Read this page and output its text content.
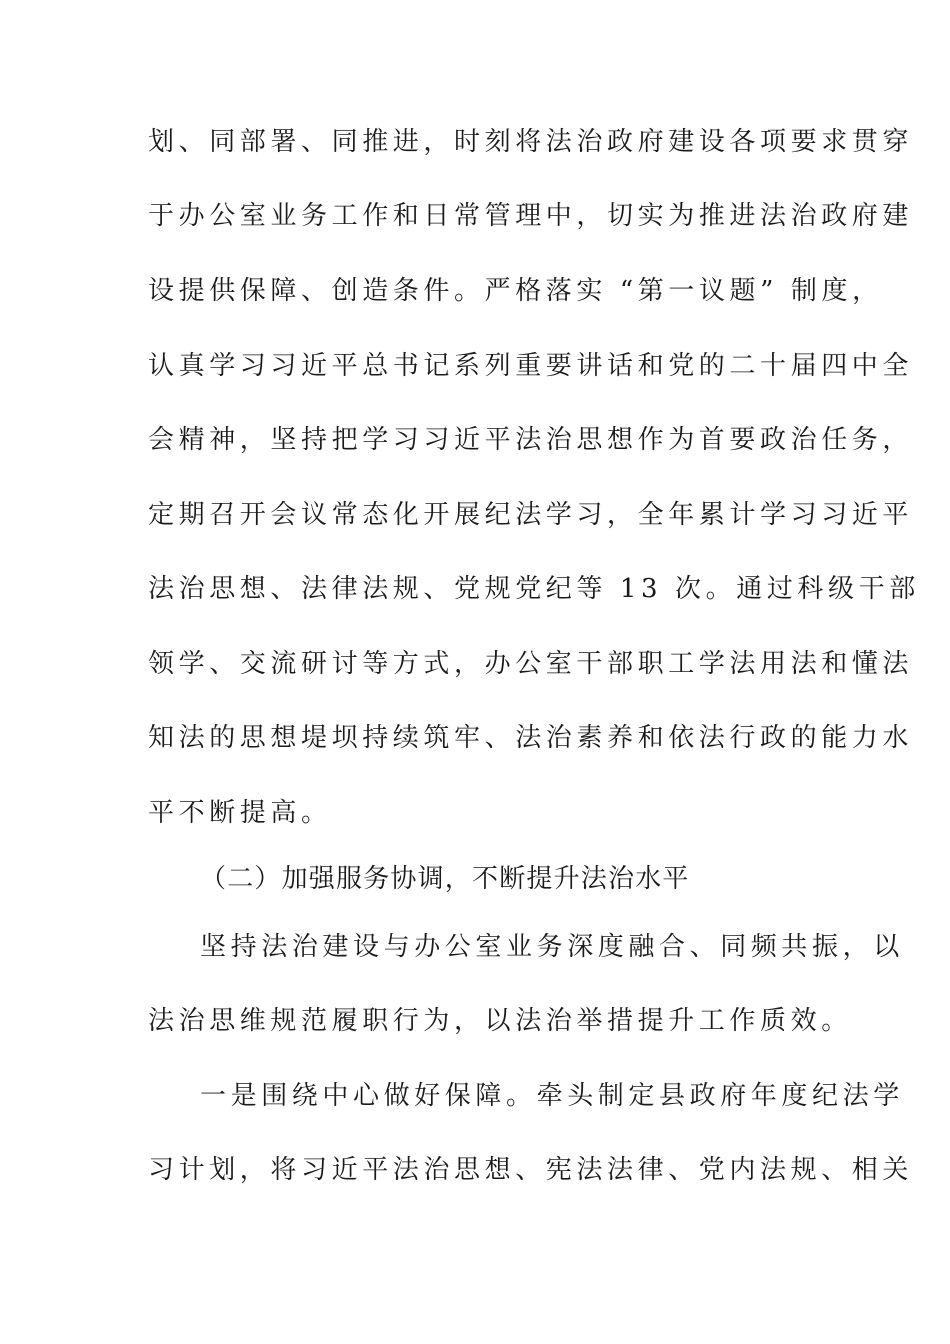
划、同部署、同推进，时刻将法治政府建设各项要求贯穿
于办公室业务工作和日常管理中，切实为推进法治政府建
设提供保障、创造条件。严格落实 “第一议题” 制度，
认真学习习近平总书记系列重要讲话和党的二十届四中全
会精神，坚持把学习习近平法治思想作为首要政治任务，
定期召开会议常态化开展纪法学习，全年累计学习习近平
法治思想、法律法规、党规党纪等 13 次。通过科级干部
领学、交流研讨等方式，办公室干部职工学法用法和懂法
知法的思想堤坝持续筑牢、法治素养和依法行政的能力水
平不断提高。
（二）加强服务协调，不断提升法治水平
坚持法治建设与办公室业务深度融合、同频共振，以
法治思维规范履职行为，以法治举措提升工作质效。
一是围绕中心做好保障。牵头制定县政府年度纪法学
习计划，将习近平法治思想、宪法法律、党内法规、相关
